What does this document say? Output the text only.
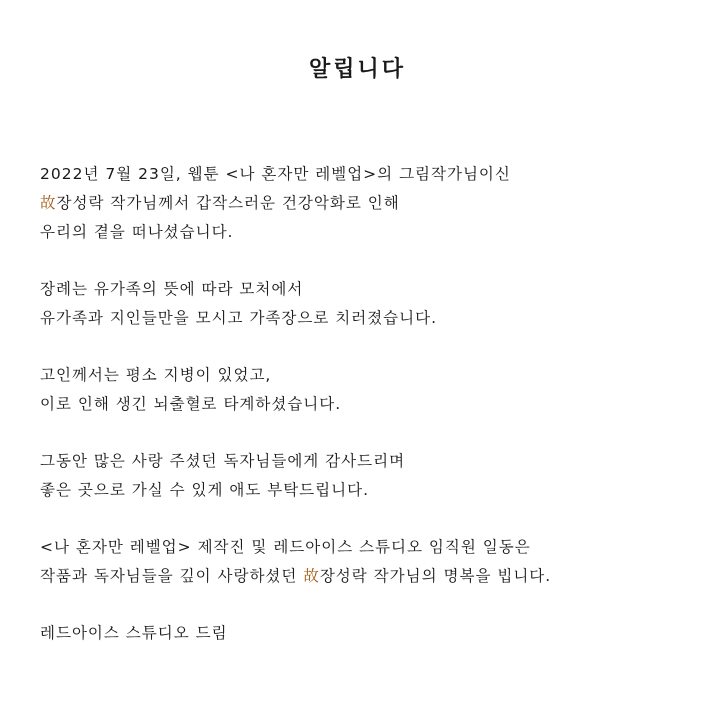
알립니다
2022년 7월 23일, 웹툰 <나 혼자만 레벨업>의 그림작가님이신
故장성락 작가님께서 갑작스러운 건강악화로 인해
우리의 곁을 떠나셨습니다.
장례는 유가족의 뜻에 따라 모처에서
유가족과 지인들만을 모시고 가족장으로 치러졌습니다.
고인께서는 평소 지병이 있었고,
이로 인해 생긴 뇌출혈로 타계하셨습니다.
그동안 많은 사랑 주셨던 독자님들에게 감사드리며
좋은 곳으로 가실 수 있게 애도 부탁드립니다.
<나 혼자만 레벨업> 제작진 및 레드아이스 스튜디오 임직원 일동은
작품과 독자님들을 깊이 사랑하셨던 故장성락 작가님의 명복을 빕니다.
레드아이스 스튜디오 드림
